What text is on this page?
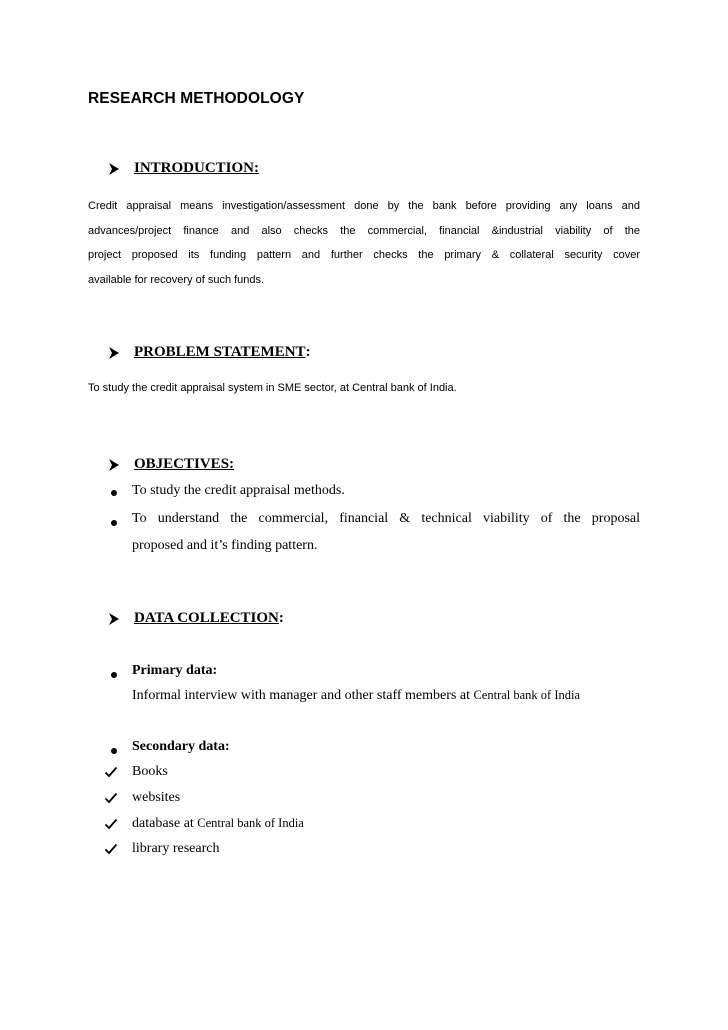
RESEARCH METHODOLOGY
INTRODUCTION:
Credit appraisal means investigation/assessment done by the bank before providing any loans and
advances/project finance and also checks the commercial, financial &industrial viability of the
project proposed its funding pattern and further checks the primary & collateral security cover
available for recovery of such funds.
PROBLEM STATEMENT :
To study the credit appraisal system in SME sector, at Central bank of India.
OBJECTIVES:
To study the credit appraisal methods.
To understand the commercial, financial & technical viability of the proposal
proposed and it’s finding pattern.
DATA COLLECTION :
Primary data:
Informal interview with manager and other staff members at Central bank of India
Secondary data:
Books
websites
database at Central bank of India
library research
